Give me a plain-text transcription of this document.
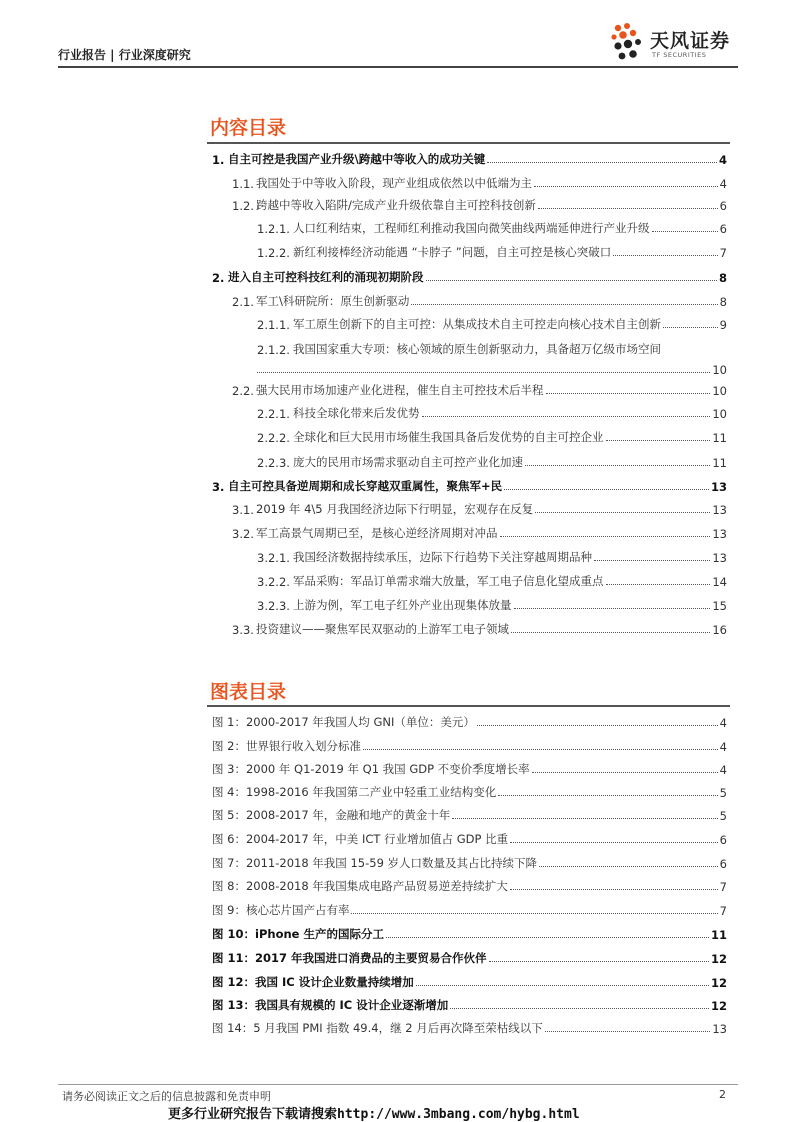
行业报告 | 行业深度研究
天风证券
TF SECURITIES
内容目录
1. 自主可控是我国产业升级\跨越中等收入的成功关键	4
1.1. 我国处于中等收入阶段，现产业组成依然以中低端为主	4
1.2. 跨越中等收入陷阱/完成产业升级依靠自主可控科技创新	6
1.2.1. 人口红利结束，工程师红利推动我国向微笑曲线两端延伸进行产业升级	6
1.2.2. 新红利接棒经济动能遇 “卡脖子 ”问题，自主可控是核心突破口	7
2. 进入自主可控科技红利的涌现初期阶段	8
2.1. 军工\科研院所：原生创新驱动	8
2.1.1. 军工原生创新下的自主可控：从集成技术自主可控走向核心技术自主创新	9
2.1.2. 我国国家重大专项：核心领域的原生创新驱动力，具备超万亿级市场空间
10
2.2. 强大民用市场加速产业化进程，催生自主可控技术后半程	10
2.2.1. 科技全球化带来后发优势	10
2.2.2. 全球化和巨大民用市场催生我国具备后发优势的自主可控企业	11
2.2.3. 庞大的民用市场需求驱动自主可控产业化加速	11
3. 自主可控具备逆周期和成长穿越双重属性，聚焦军+民	13
3.1. 2019 年 4\5 月我国经济边际下行明显，宏观存在反复	13
3.2. 军工高景气周期已至，是核心逆经济周期对冲品	13
3.2.1. 我国经济数据持续承压，边际下行趋势下关注穿越周期品种	13
3.2.2. 军品采购：军品订单需求端大放量，军工电子信息化望成重点	14
3.2.3. 上游为例，军工电子红外产业出现集体放量	15
3.3. 投资建议——聚焦军民双驱动的上游军工电子领域	16
图表目录
图 1：2000-2017 年我国人均 GNI（单位：美元）	4
图 2：世界银行收入划分标准	4
图 3：2000 年 Q1-2019 年 Q1 我国 GDP 不变价季度增长率	4
图 4：1998-2016 年我国第二产业中轻重工业结构变化	5
图 5：2008-2017 年，金融和地产的黄金十年	5
图 6：2004-2017 年，中美 ICT 行业增加值占 GDP 比重	6
图 7：2011-2018 年我国 15-59 岁人口数量及其占比持续下降	6
图 8：2008-2018 年我国集成电路产品贸易逆差持续扩大	7
图 9：核心芯片国产占有率	7
图 10：iPhone 生产的国际分工	11
图 11：2017 年我国进口消费品的主要贸易合作伙伴	12
图 12：我国 IC 设计企业数量持续增加	12
图 13：我国具有规模的 IC 设计企业逐渐增加	12
图 14：5 月我国 PMI 指数 49.4，继 2 月后再次降至荣枯线以下	13
请务必阅读正文之后的信息披露和免责申明	2
更多行业研究报告下载请搜索http://www.3mbang.com/hybg.html
